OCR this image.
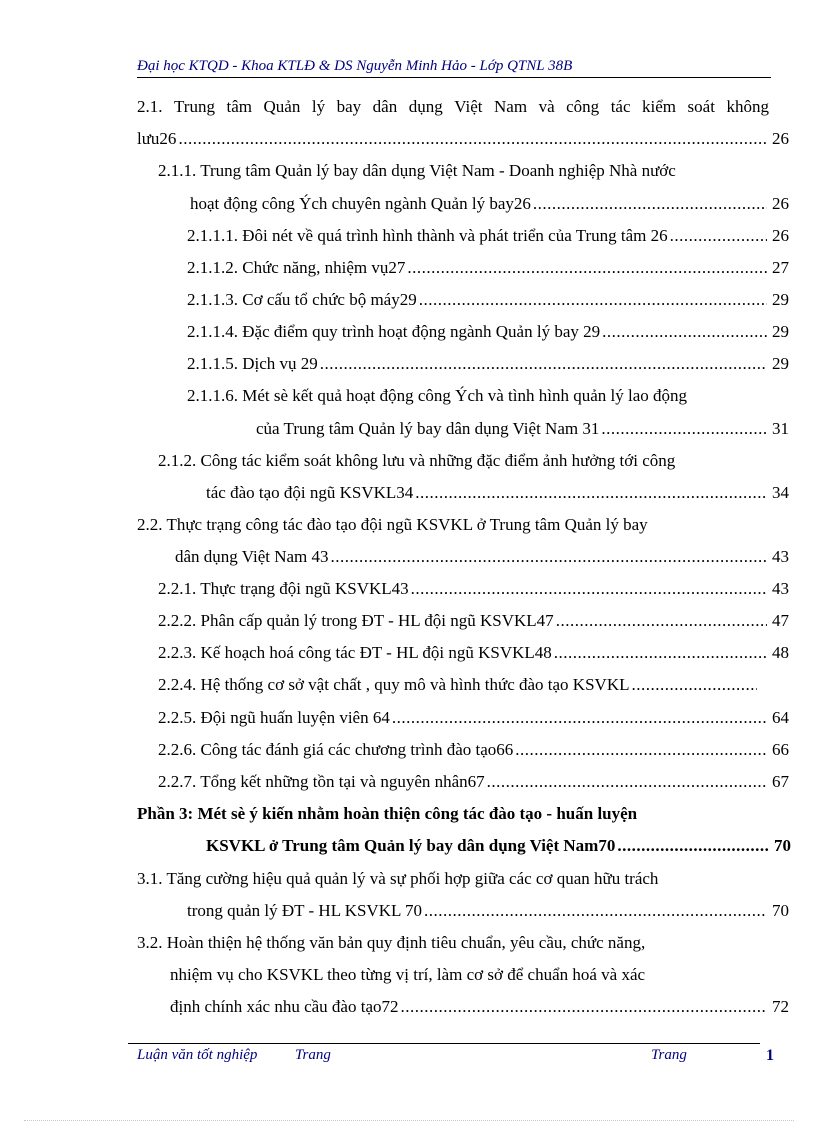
Đại học KTQD - Khoa KTLĐ & DS Nguyễn Minh Hảo - Lớp QTNL 38B
2.1. Trung tâm Quản lý bay dân dụng Việt Nam và công tác kiểm soát không
lưu26 .....	26
2.1.1. Trung tâm Quản lý bay dân dụng Việt Nam - Doanh nghiệp Nhà nước
hoạt động công Ých chuyên ngành Quản lý bay26 .....	26
2.1.1.1. Đôi nét về quá trình hình thành và phát triển của Trung tâm 26 .....	26
2.1.1.2. Chức năng, nhiệm vụ27 .....	27
2.1.1.3. Cơ cấu tổ chức bộ máy29 .....	29
2.1.1.4. Đặc điểm quy trình hoạt động ngành Quản lý bay 29 .....	29
2.1.1.5. Dịch vụ 29 .....	29
2.1.1.6. Mét sè kết quả hoạt động công Ých và tình hình quản lý lao động
của Trung tâm Quản lý bay dân dụng Việt Nam 31 .....	31
2.1.2. Công tác kiểm soát không lưu và những đặc điểm ảnh hưởng tới công
tác đào tạo đội ngũ KSVKL34 .....	34
2.2. Thực trạng công tác đào tạo đội ngũ KSVKL ở Trung tâm Quản lý bay
dân dụng Việt Nam 43 .....	43
2.2.1. Thực trạng đội ngũ KSVKL43 .....	43
2.2.2. Phân cấp quản lý trong ĐT - HL đội ngũ KSVKL47 .....	47
2.2.3. Kế hoạch hoá công tác ĐT - HL đội ngũ KSVKL48 .....	48
2.2.4. Hệ thống cơ sở vật chất , quy mô và hình thức đào tạo KSVKL
.....
2.2.5. Đội ngũ huấn luyện viên 64 .....	64
2.2.6. Công tác đánh giá các chương trình đào tạo66 .....	66
2.2.7. Tổng kết những tồn tại và nguyên nhân67 .....	67
Phần 3: Mét sè ý kiến nhằm hoàn thiện công tác đào tạo - huấn luyện
KSVKL ở Trung tâm Quản lý bay dân dụng Việt Nam70 .....	70
3.1. Tăng cường hiệu quả quản lý và sự phối hợp giữa các cơ quan hữu trách
trong quản lý ĐT - HL KSVKL 70 .....	70
3.2. Hoàn thiện hệ thống văn bản quy định tiêu chuẩn, yêu cầu, chức năng,
nhiệm vụ cho KSVKL theo từng vị trí, làm cơ sở để chuẩn hoá và xác
định chính xác nhu cầu đào tạo72 .....	72
Luận văn tốt nghiệp	Trang	Trang	1
